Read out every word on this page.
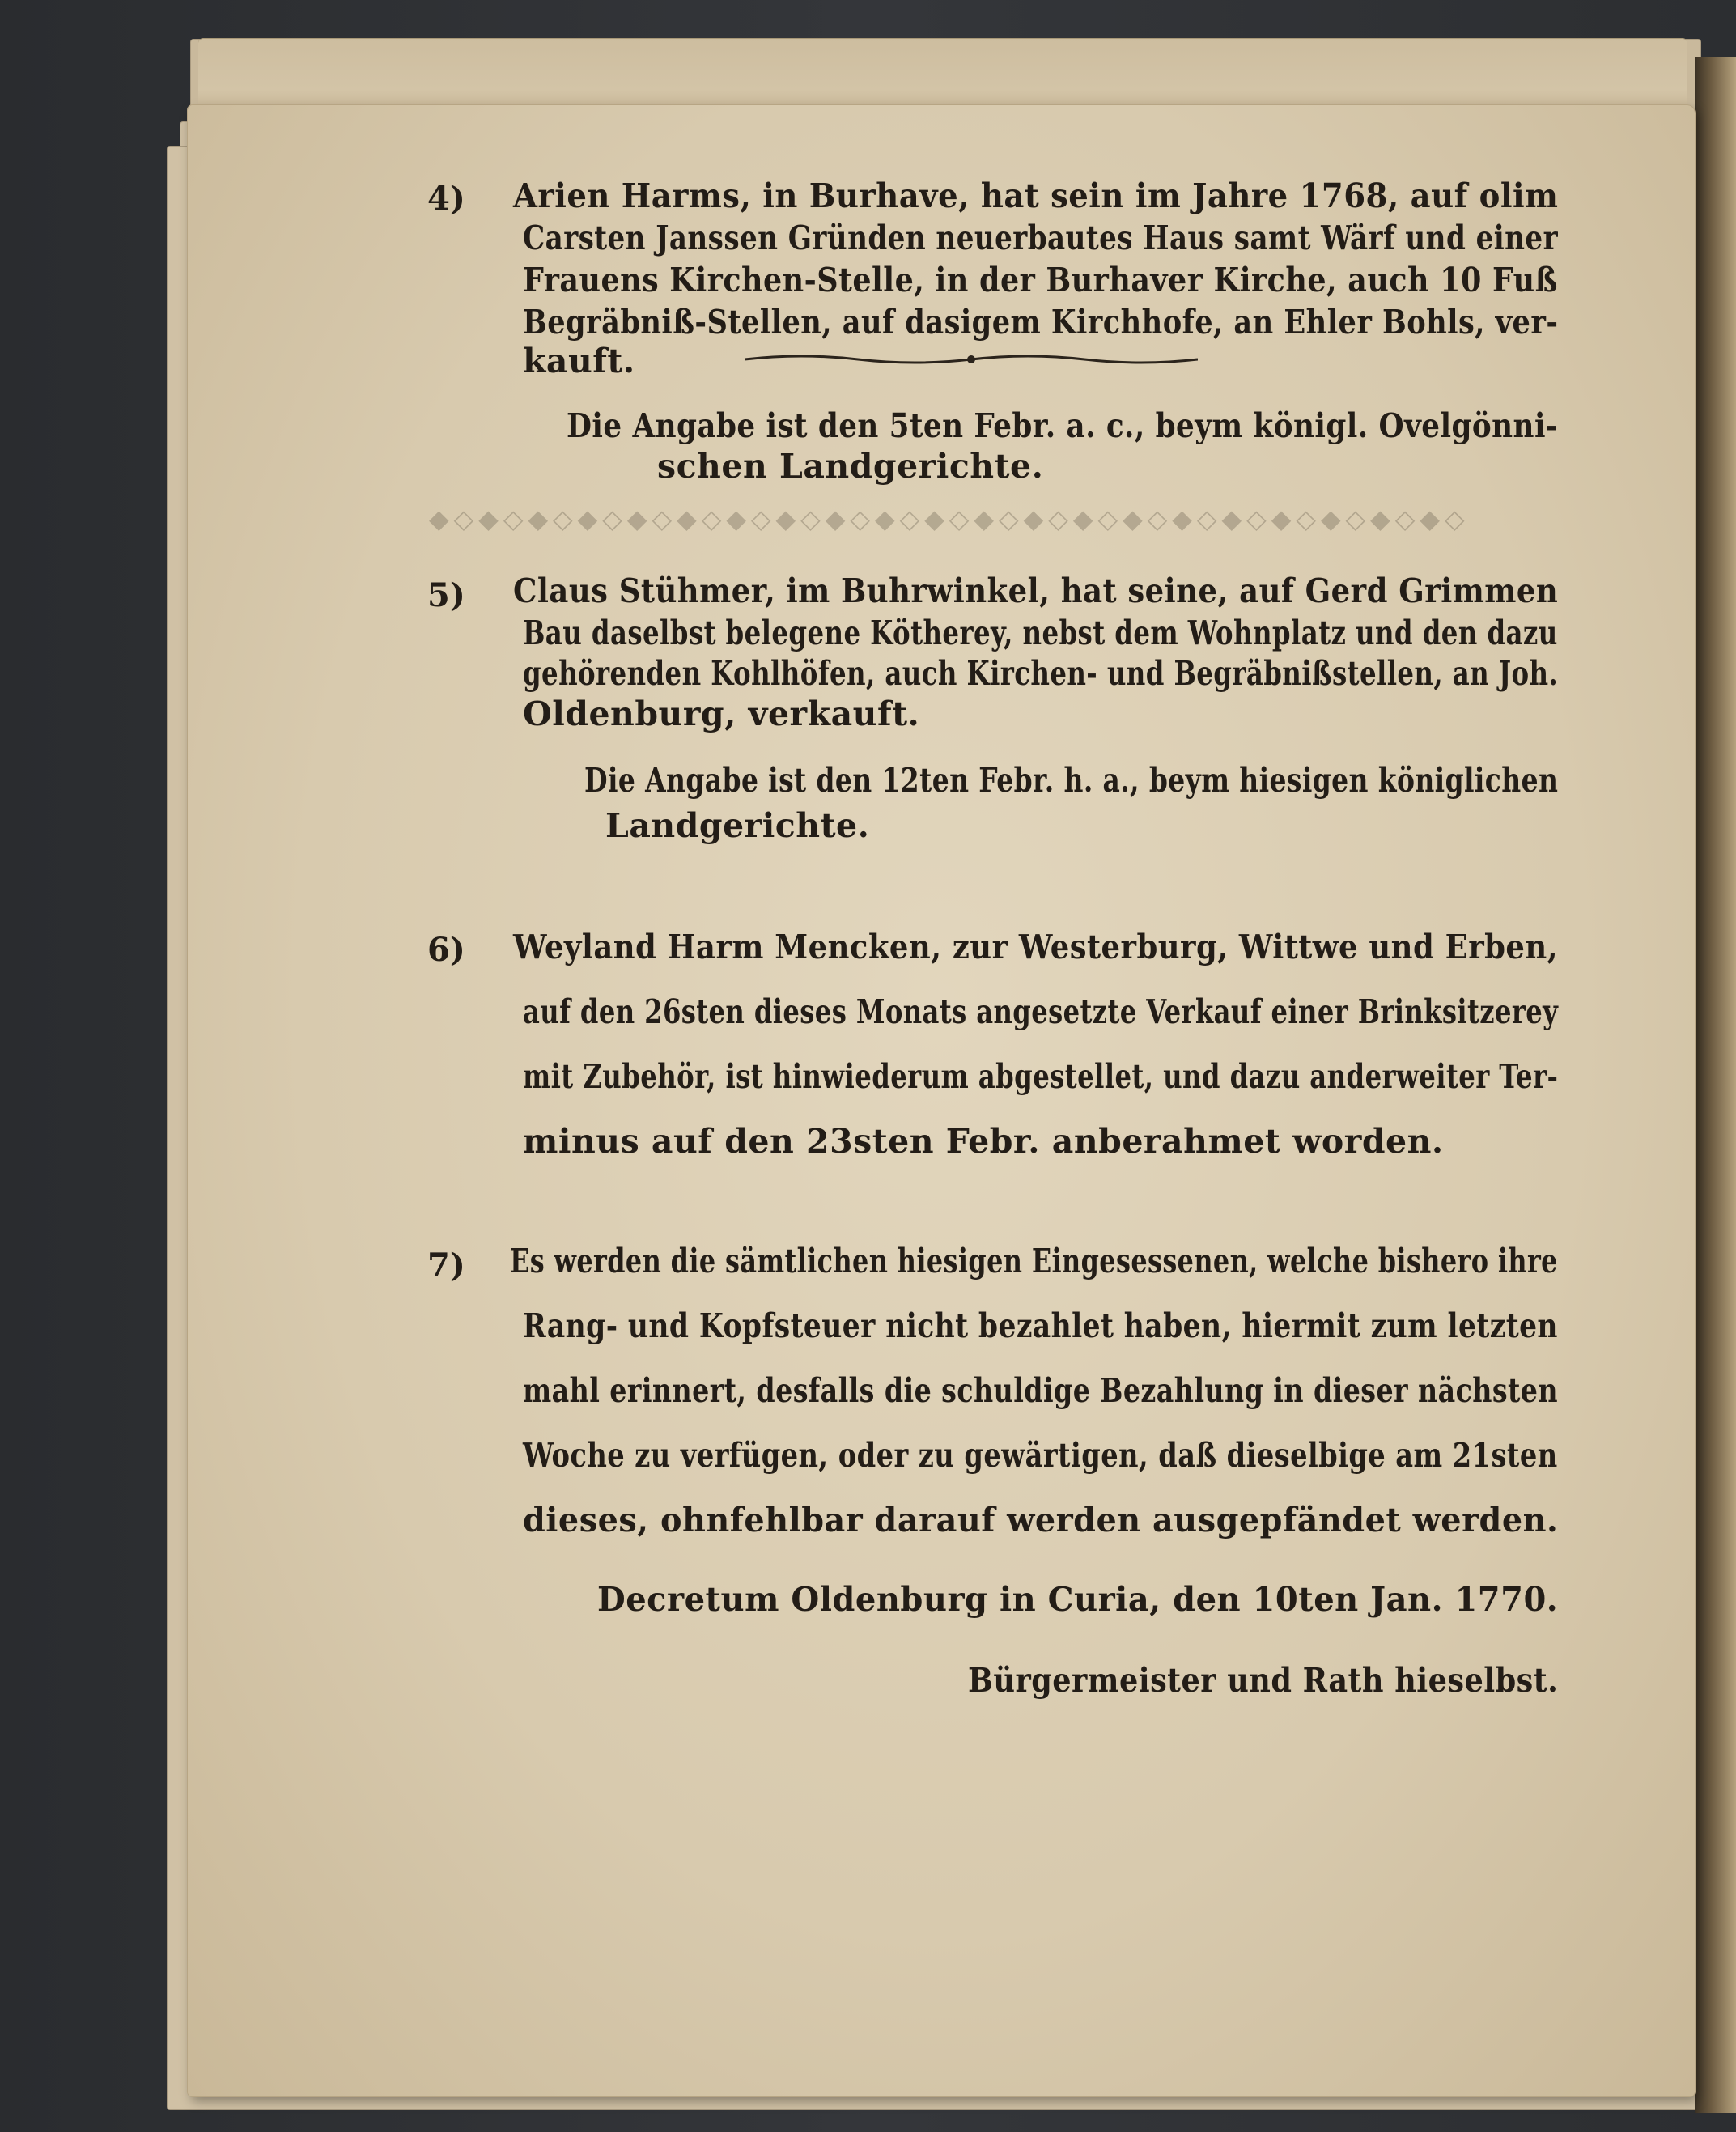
◆◇◆◇◆◇◆◇◆◇◆◇◆◇◆◇◆◇◆◇◆◇◆◇◆◇◆◇◆◇◆◇◆◇◆◇◆◇◆◇◆◇
4) Arien Harms, in Burhave, hat sein im Jahre 1768, auf olim
Carsten Janssen Gründen neuerbautes Haus samt Wärf und einer
Frauens Kirchen-Stelle, in der Burhaver Kirche, auch 10 Fuß
Begräbniß-Stellen, auf dasigem Kirchhofe, an Ehler Bohls, ver-
kauft.
Die Angabe ist den 5ten Febr. a. c., beym königl. Ovelgönni-
schen Landgerichte.
5) Claus Stühmer, im Buhrwinkel, hat seine, auf Gerd Grimmen
Bau daselbst belegene Kötherey, nebst dem Wohnplatz und den dazu
gehörenden Kohlhöfen, auch Kirchen- und Begräbnißstellen, an Joh.
Oldenburg, verkauft.
Die Angabe ist den 12ten Febr. h. a., beym hiesigen königlichen
Landgerichte.
6) Weyland Harm Mencken, zur Westerburg, Wittwe und Erben,
auf den 26sten dieses Monats angesetzte Verkauf einer Brinksitzerey
mit Zubehör, ist hinwiederum abgestellet, und dazu anderweiter Ter-
minus auf den 23sten Febr. anberahmet worden.
7) Es werden die sämtlichen hiesigen Eingesessenen, welche bishero ihre
Rang- und Kopfsteuer nicht bezahlet haben, hiermit zum letzten
mahl erinnert, desfalls die schuldige Bezahlung in dieser nächsten
Woche zu verfügen, oder zu gewärtigen, daß dieselbige am 21sten
dieses, ohnfehlbar darauf werden ausgepfändet werden.
Decretum Oldenburg in Curia, den 10ten Jan. 1770.
Bürgermeister und Rath hieselbst.
